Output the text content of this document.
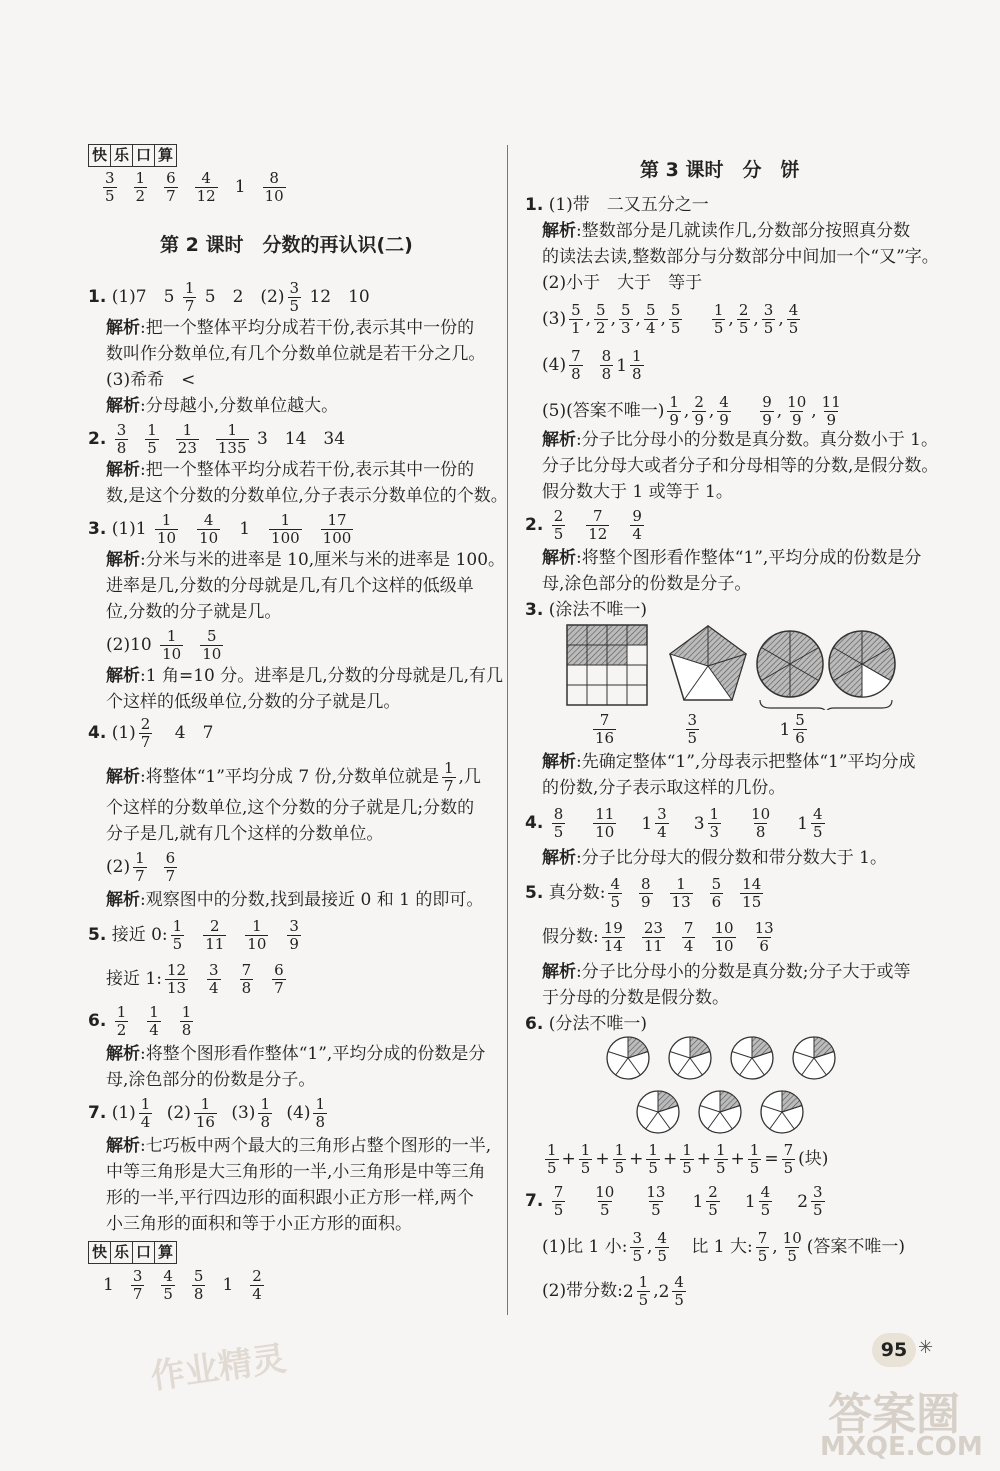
快 乐 口 算
$\frac{3}{5} \frac{1}{2} \frac{6}{7} \frac{4}{12} 1 \frac{8}{10}$
第 2 课时　分数的再认识(二)
1. (1)7　$5 \frac{1}{7} 5$　2　$(2) \frac{3}{5} 12$　10
解析:把一个整体平均分成若干份,表示其中一份的
数叫作分数单位,有几个分数单位就是若干分之几。
(3)希希　<
解析:分母越小,分数单位越大。
2. $\frac{3}{8} \frac{1}{5} \frac{1}{23} \frac{1}{135} 3$　14　34
解析:把一个整体平均分成若干份,表示其中一份的
数,是这个分数的分数单位,分子表示分数单位的个数。
3. $(1)1 \frac{1}{10} \frac{4}{10} 1 \frac{1}{100} \frac{17}{100}$
解析:分米与米的进率是 10,厘米与米的进率是 100。
进率是几,分数的分母就是几,有几个这样的低级单
位,分数的分子就是几。
$(2)10 \frac{1}{10} \frac{5}{10}$
解析:1 角=10 分。进率是几,分数的分母就是几,有几
个这样的低级单位,分数的分子就是几。
4. $(1) \frac{2}{7} 4$　7
解析:将整体“1”平均分成 7 份,分数单位就是 $\frac{1}{7}$ ,几
个这样的分数单位,这个分数的分子就是几;分数的
分子是几,就有几个这样的分数单位。
$(2) \frac{1}{7} \frac{6}{7}$
解析:观察图中的分数,找到最接近 0 和 1 的即可。
5. 接近 0: $\frac{1}{5} \frac{2}{11} \frac{1}{10} \frac{3}{9}$
接近 1: $\frac{12}{13} \frac{3}{4} \frac{7}{8} \frac{6}{7}$
6. $\frac{1}{2} \frac{1}{4} \frac{1}{8}$
解析:将整个图形看作整体“1”,平均分成的份数是分
母,涂色部分的份数是分子。
7. $(1) \frac{1}{4} (2) \frac{1}{16} (3) \frac{1}{8} (4) \frac{1}{8}$
解析:七巧板中两个最大的三角形占整个图形的一半,
中等三角形是大三角形的一半,小三角形是中等三角
形的一半,平行四边形的面积跟小正方形一样,两个
小三角形的面积和等于小正方形的面积。
快 乐 口 算
$1 \frac{3}{7} \frac{4}{5} \frac{5}{8} 1 \frac{2}{4}$
第 3 课时　分　饼
1. (1)带　二又五分之一
解析:整数部分是几就读作几,分数部分按照真分数
的读法去读,整数部分与分数部分中间加一个“又”字。
(2)小于　大于　等于
$(3) \frac{5}{1}$ , $\frac{5}{2}$ , $\frac{5}{3}$ , $\frac{5}{4}$ , $\frac{5}{5}$
$\frac{1}{5}$ , $\frac{2}{5}$ , $\frac{3}{5}$ , $\frac{4}{5}$
$(4) \frac{7}{8} \frac{8}{8} 1 \frac{1}{8}$
(5)(答案不唯一) $\frac{1}{9}$ , $\frac{2}{9}$ , $\frac{4}{9}$
$\frac{9}{9}$ , $\frac{10}{9}$ , $\frac{11}{9}$
解析:分子比分母小的分数是真分数。真分数小于 1。
分子比分母大或者分子和分母相等的分数,是假分数。
假分数大于 1 或等于 1。
2. $\frac{2}{5} \frac{7}{12} \frac{9}{4}$
解析:将整个图形看作整体“1”,平均分成的份数是分
母,涂色部分的份数是分子。
3. (涂法不唯一)
$\frac{7}{16}$
	$\frac{3}{5}$
	$1 \frac{5}{6}$
解析:先确定整体“1”,分母表示把整体“1”平均分成
的份数,分子表示取这样的几份。
4. $\frac{8}{5} \frac{11}{10} 1 \frac{3}{4} 3 \frac{1}{3} \frac{10}{8} 1 \frac{4}{5}$
解析:分子比分母大的假分数和带分数大于 1。
5. 真分数: $\frac{4}{5} \frac{8}{9} \frac{1}{13} \frac{5}{6} \frac{14}{15}$
假分数: $\frac{19}{14} \frac{23}{11} \frac{7}{4} \frac{10}{10} \frac{13}{6}$
解析:分子比分母小的分数是真分数;分子大于或等
于分母的分数是假分数。
6. (分法不唯一)
$\frac{1}{5} + \frac{1}{5} + \frac{1}{5} + \frac{1}{5} + \frac{1}{5} + \frac{1}{5} + \frac{1}{5} = \frac{7}{5}$ (块)
7. $\frac{7}{5} \frac{10}{5} \frac{13}{5} 1 \frac{2}{5} 1 \frac{4}{5} 2 \frac{3}{5}$
(1)比 1 小: $\frac{3}{5}$ , $\frac{4}{5}$ 比 1 大: $\frac{7}{5}$ , $\frac{10}{5}$ (答案不唯一)
(2)带分数: $2 \frac{1}{5}$ , $2 \frac{4}{5}$
95 ✳
作业精灵
答案圈
MXQE.COM
